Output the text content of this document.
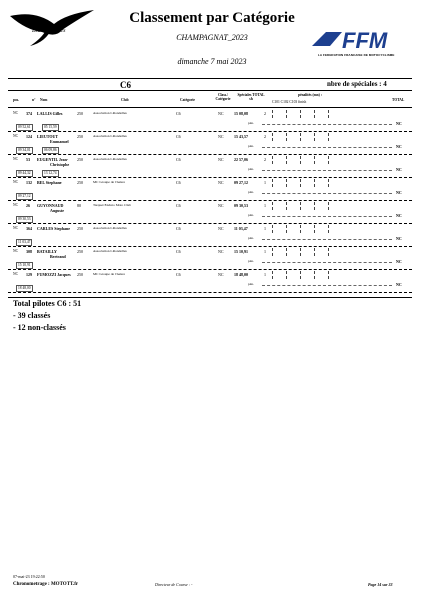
Les Randelles
Classement par Catégorie
CHAMPAGNAT_2023
dimanche 7 mai 2023
FFM
LA FEDERATION FRANCAISE DE MOTOCYCLISME
C6	nbre de spéciales : 4
pos.	n° Nom	Club	Catégorie
Class./ Catégorie
Spéciales TOTAL sh
pénalités (mn) :
C101 C102 C103 finish	TOTAL
NC 374 LALLIS Gilles	250	Association I-Rondelles	C6	NC	15 08,08	2
pén.	NC
09 52,61	05 15,59
NC 124 LIEUTOUT
Emmanuel
250	Association I-Rondelles	C6	NC	15 43,57	2
pén.	NC
09 34,01	06 09,86
NC 53 EUGENTIL Jean-
Christophe
250	Association I-Rondelles	C6	NC	22 57,06	2
pén.	NC
09 44,32	13 12,74
NC 132 BEL Stephane	250	MC Groupe de l'Azure	C6	NC	09 27,12	1
pén.	NC
09 27,12
NC 26 GUYONNAUD
Auguste
80	Tarquet Enduro Moto Club	C6	NC	09 30,53	1
pén.	NC
09 30,53
NC 364 CARLES Stephane 250	Association I-Rondelles	C6	NC	11 03,47	1
pén.	NC
11 03,47
NC 308 BATAILLY
Bertrand
250	Association I-Rondelles	C6	NC	15 10,91	1
pén.	NC
15 10,91
NC 129 FUMOZZI Jacques 250	MC Groupe de l'Azure	C6	NC	18 48,00	1
pén.	NC
18 48,00
Total pilotes C6 : 51
- 39 classés
- 12 non-classés
07-mai-23 19:22:50
Chronometrage : MOTOTT.fr	Directeur de Course : -	Page 14 sur 33
